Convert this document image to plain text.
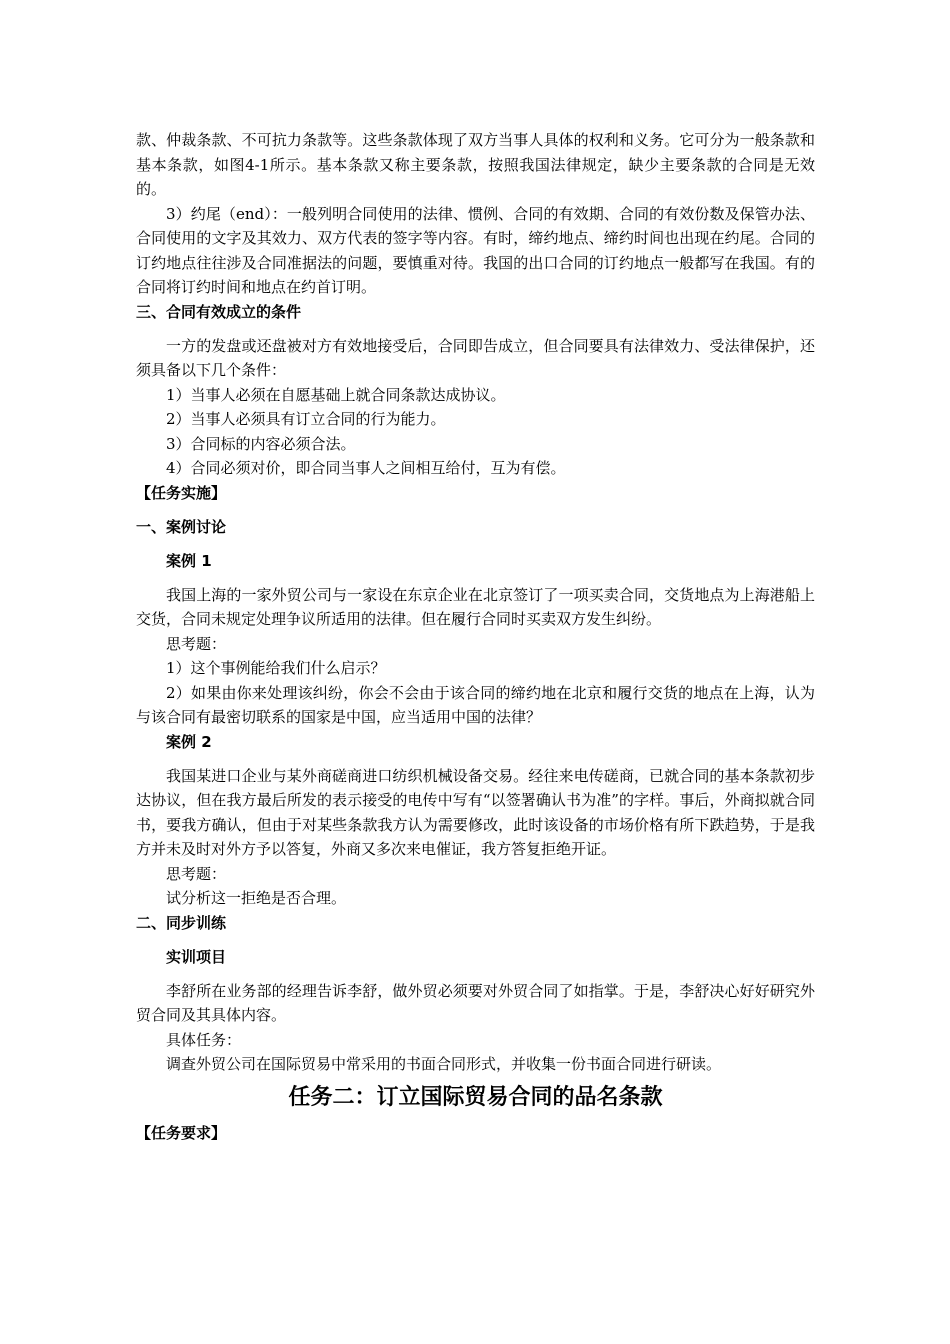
款、仲裁条款、不可抗力条款等。这些条款体现了双方当事人具体的权利和义务。它可分为一般条款和基本条款，如图4-1所示。基本条款又称主要条款，按照我国法律规定，缺少主要条款的合同是无效的。

3）约尾（end）：一般列明合同使用的法律、惯例、合同的有效期、合同的有效份数及保管办法、合同使用的文字及其效力、双方代表的签字等内容。有时，缔约地点、缔约时间也出现在约尾。合同的订约地点往往涉及合同准据法的问题，要慎重对待。我国的出口合同的订约地点一般都写在我国。有的合同将订约时间和地点在约首订明。

三、合同有效成立的条件

一方的发盘或还盘被对方有效地接受后，合同即告成立，但合同要具有法律效力、受法律保护，还须具备以下几个条件：

1）当事人必须在自愿基础上就合同条款达成协议。

2）当事人必须具有订立合同的行为能力。

3）合同标的内容必须合法。

4）合同必须对价，即合同当事人之间相互给付，互为有偿。

【任务实施】

一、案例讨论

案例 1

我国上海的一家外贸公司与一家设在东京企业在北京签订了一项买卖合同，交货地点为上海港船上交货，合同未规定处理争议所适用的法律。但在履行合同时买卖双方发生纠纷。

思考题：

1）这个事例能给我们什么启示？

2）如果由你来处理该纠纷，你会不会由于该合同的缔约地在北京和履行交货的地点在上海，认为与该合同有最密切联系的国家是中国，应当适用中国的法律？

案例 2

我国某进口企业与某外商磋商进口纺织机械设备交易。经往来电传磋商，已就合同的基本条款初步达协议，但在我方最后所发的表示接受的电传中写有“以签署确认书为准”的字样。事后，外商拟就合同书，要我方确认，但由于对某些条款我方认为需要修改，此时该设备的市场价格有所下跌趋势，于是我方并未及时对外方予以答复，外商又多次来电催证，我方答复拒绝开证。

思考题：

试分析这一拒绝是否合理。

二、同步训练

实训项目

李舒所在业务部的经理告诉李舒，做外贸必须要对外贸合同了如指掌。于是，李舒决心好好研究外贸合同及其具体内容。

具体任务：

调查外贸公司在国际贸易中常采用的书面合同形式，并收集一份书面合同进行研读。

任务二：订立国际贸易合同的品名条款

【任务要求】
